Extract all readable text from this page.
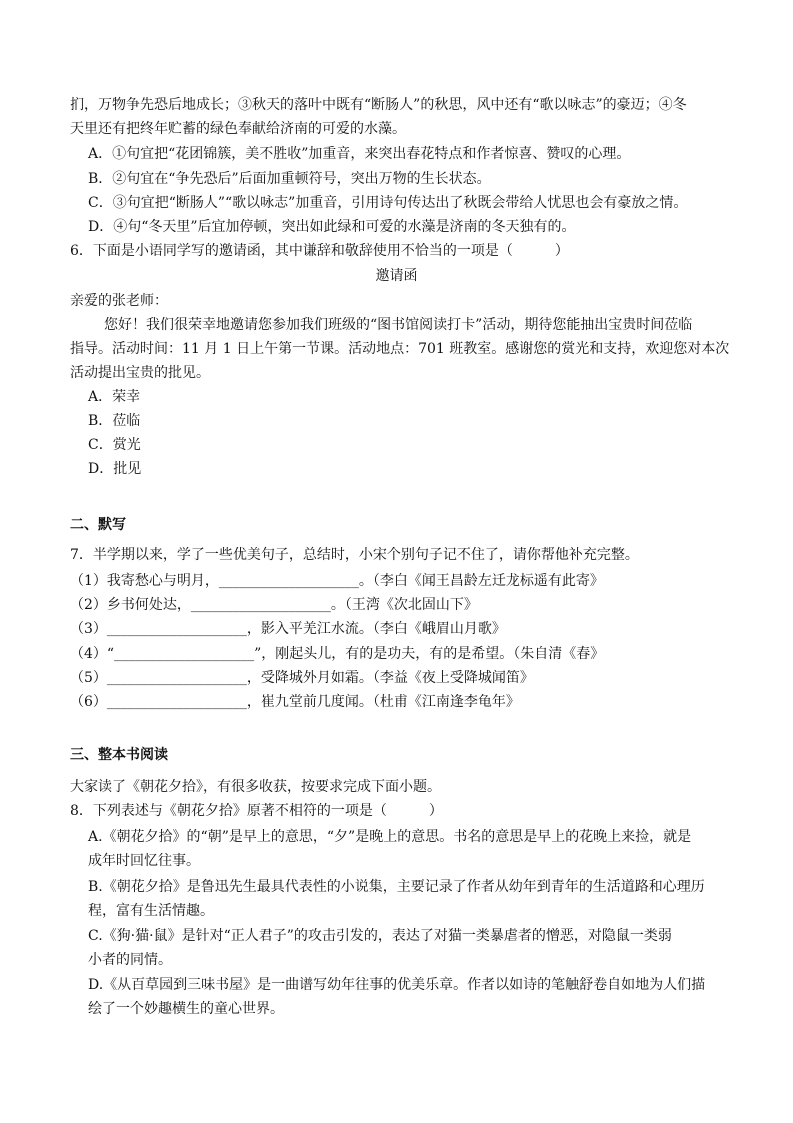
扪，万物争先恐后地成长；③秋天的落叶中既有“断肠人”的秋思，风中还有“歌以咏志”的豪迈；④冬
天里还有把终年贮蓄的绿色奉献给济南的可爱的水藻。
A．①句宜把“花团锦簇，美不胜收”加重音，来突出春花特点和作者惊喜、赞叹的心理。
B．②句宜在“争先恐后”后面加重顿符号，突出万物的生长状态。
C．③句宜把“断肠人”“歌以咏志”加重音，引用诗句传达出了秋既会带给人忧思也会有豪放之情。
D．④句“冬天里”后宜加停顿，突出如此绿和可爱的水藻是济南的冬天独有的。
6．下面是小语同学写的邀请函，其中谦辞和敬辞使用不恰当的一项是（　　　）
邀请函
亲爱的张老师：
您好！我们很荣幸地邀请您参加我们班级的“图书馆阅读打卡”活动，期待您能抽出宝贵时间莅临
指导。活动时间：11 月 1 日上午第一节课。活动地点：701 班教室。感谢您的赏光和支持，欢迎您对本次
活动提出宝贵的批见。
A．荣幸
B．莅临
C．赏光
D．批见
二、默写
7．半学期以来，学了一些优美句子，总结时，小宋个别句子记不住了，请你帮他补充完整。
（1）我寄愁心与明月，____________________。（李白《闻王昌龄左迁龙标遥有此寄》
（2）乡书何处达，____________________。（王湾《次北固山下》
（3）____________________，影入平羌江水流。（李白《峨眉山月歌》
（4）“____________________”，刚起头儿，有的是功夫，有的是希望。（朱自清《春》
（5）____________________，受降城外月如霜。（李益《夜上受降城闻笛》
（6）____________________，崔九堂前几度闻。（杜甫《江南逢李龟年》
三、整本书阅读
大家读了《朝花夕拾》，有很多收获，按要求完成下面小题。
8．下列表述与《朝花夕拾》原著不相符的一项是（　　　）
A.《朝花夕拾》的“朝”是早上的意思，“夕”是晚上的意思。书名的意思是早上的花晚上来捡，就是
成年时回忆往事。
B.《朝花夕拾》是鲁迅先生最具代表性的小说集，主要记录了作者从幼年到青年的生活道路和心理历
程，富有生活情趣。
C.《狗·猫·鼠》是针对“正人君子”的攻击引发的，表达了对猫一类暴虐者的憎恶，对隐鼠一类弱
小者的同情。
D.《从百草园到三味书屋》是一曲谱写幼年往事的优美乐章。作者以如诗的笔触舒卷自如地为人们描
绘了一个妙趣横生的童心世界。
